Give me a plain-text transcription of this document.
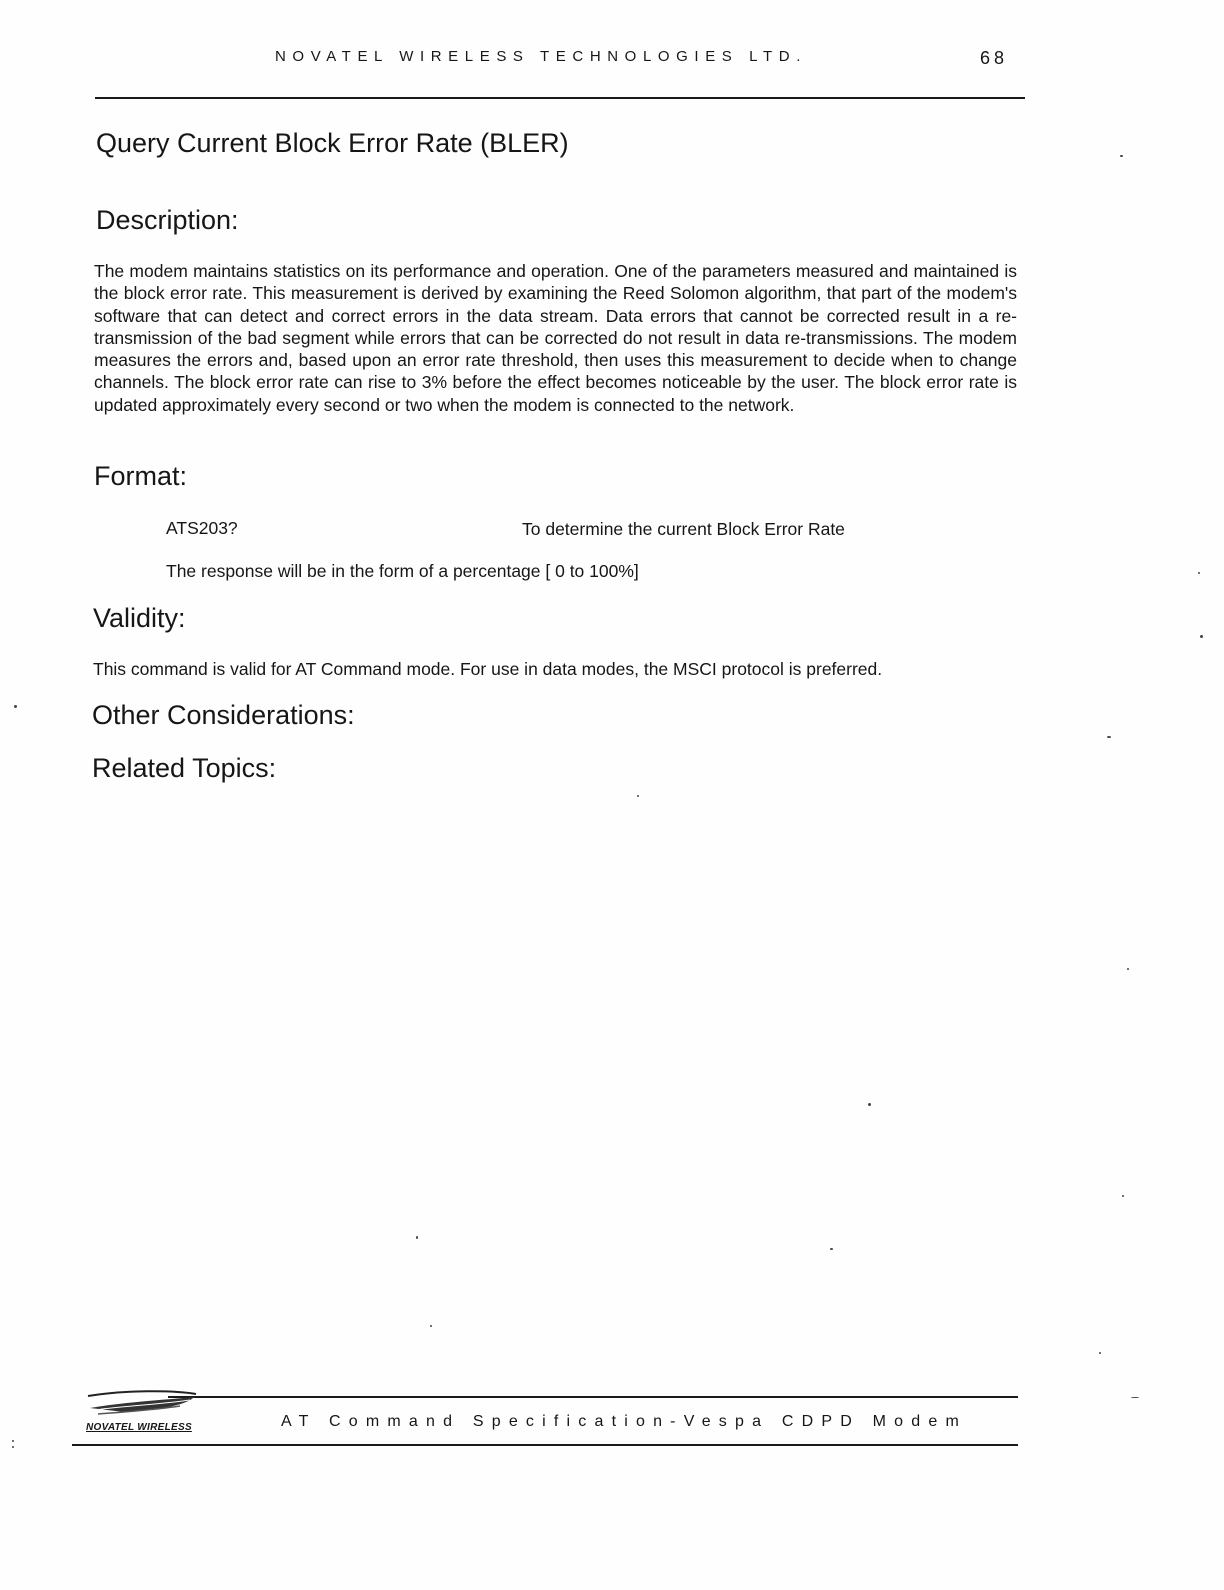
NOVATEL WIRELESS TECHNOLOGIES LTD.	68
Query Current Block Error Rate (BLER)
Description:

The modem maintains statistics on its performance and operation. One of the parameters measured and maintained is the block error rate. This measurement is derived by examining the Reed Solomon algorithm, that part of the modem's software that can detect and correct errors in the data stream. Data errors that cannot be corrected result in a re-transmission of the bad segment while errors that can be corrected do not result in data re-transmissions. The modem measures the errors and, based upon an error rate threshold, then uses this measurement to decide when to change channels. The block error rate can rise to 3% before the effect becomes noticeable by the user. The block error rate is updated approximately every second or two when the modem is connected to the network.

Format:
ATS203?	To determine the current Block Error Rate
The response will be in the form of a percentage [ 0 to 100%]
Validity:
This command is valid for AT Command mode. For use in data modes, the MSCI protocol is preferred.
Other Considerations:
Related Topics:
NOVATEL WIRELESS	AT Command Specification-Vespa CDPD Modem
